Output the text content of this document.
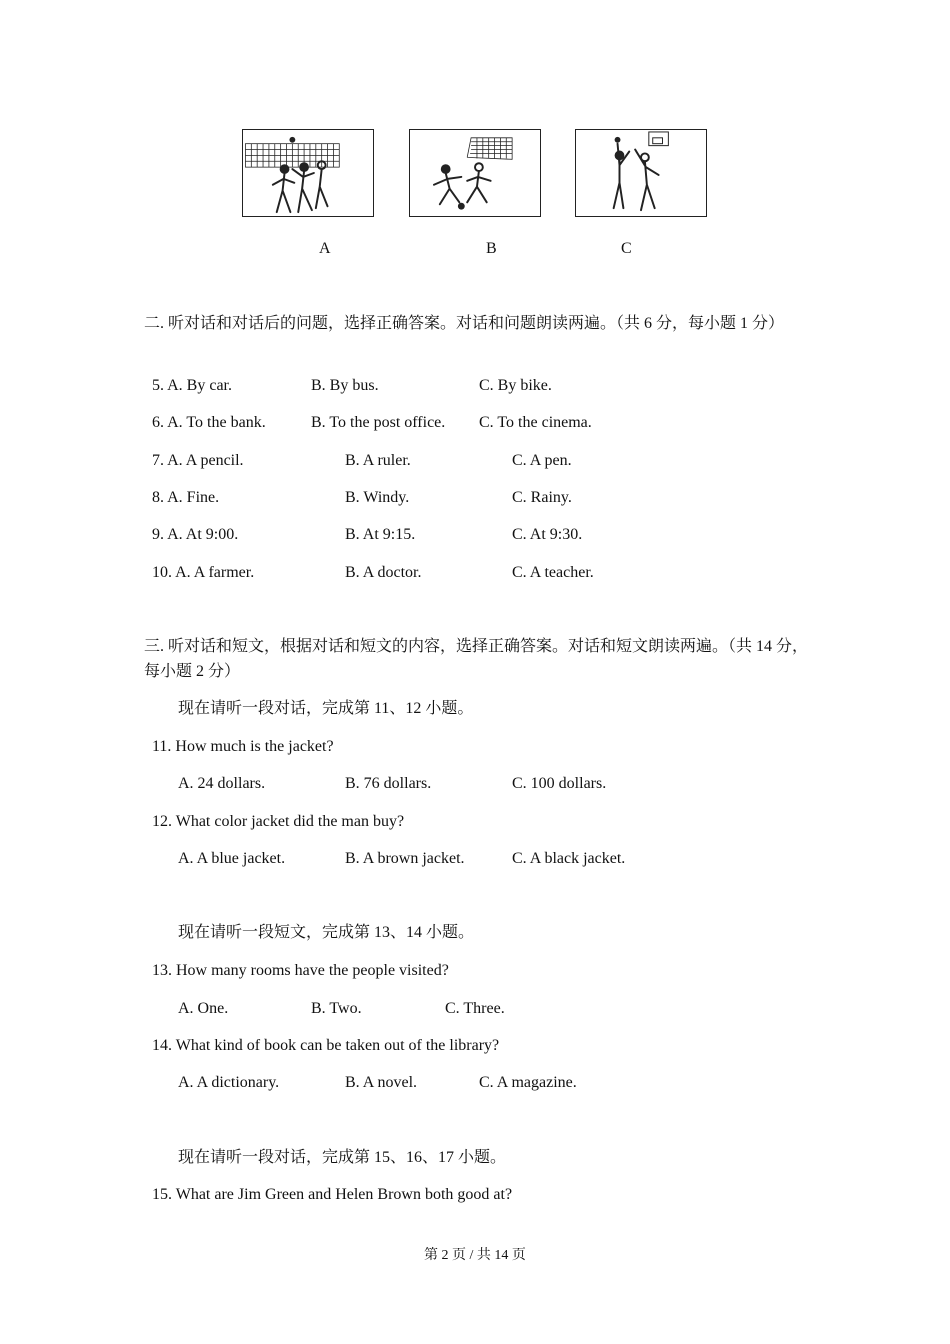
A	B	C
二. 听对话和对话后的问题，选择正确答案。对话和问题朗读两遍。（共 6 分，每小题 1 分）
5. A. By car.	B. By bus.	C. By bike.
6. A. To the bank.	B. To the post office. C. To the cinema.
7. A. A pencil.	B. A ruler.	C. A pen.
8. A. Fine.	B. Windy.	C. Rainy.
9. A. At 9:00.	B. At 9:15.	C. At 9:30.
10. A. A farmer.	B. A doctor.	C. A teacher.
三. 听对话和短文，根据对话和短文的内容，选择正确答案。对话和短文朗读两遍。（共 14 分，每小题 2 分）
现在请听一段对话，完成第 11、12 小题。
11. How much is the jacket?
A. 24 dollars.	B. 76 dollars.	C. 100 dollars.
12. What color jacket did the man buy?
A. A blue jacket.	B. A brown jacket.	C. A black jacket.
现在请听一段短文，完成第 13、14 小题。
13. How many rooms have the people visited?
A. One.	B. Two.	C. Three.
14. What kind of book can be taken out of the library?
A. A dictionary.	B. A novel.	C. A magazine.
现在请听一段对话，完成第 15、16、17 小题。
15. What are Jim Green and Helen Brown both good at?
第 2 页 / 共 14 页
